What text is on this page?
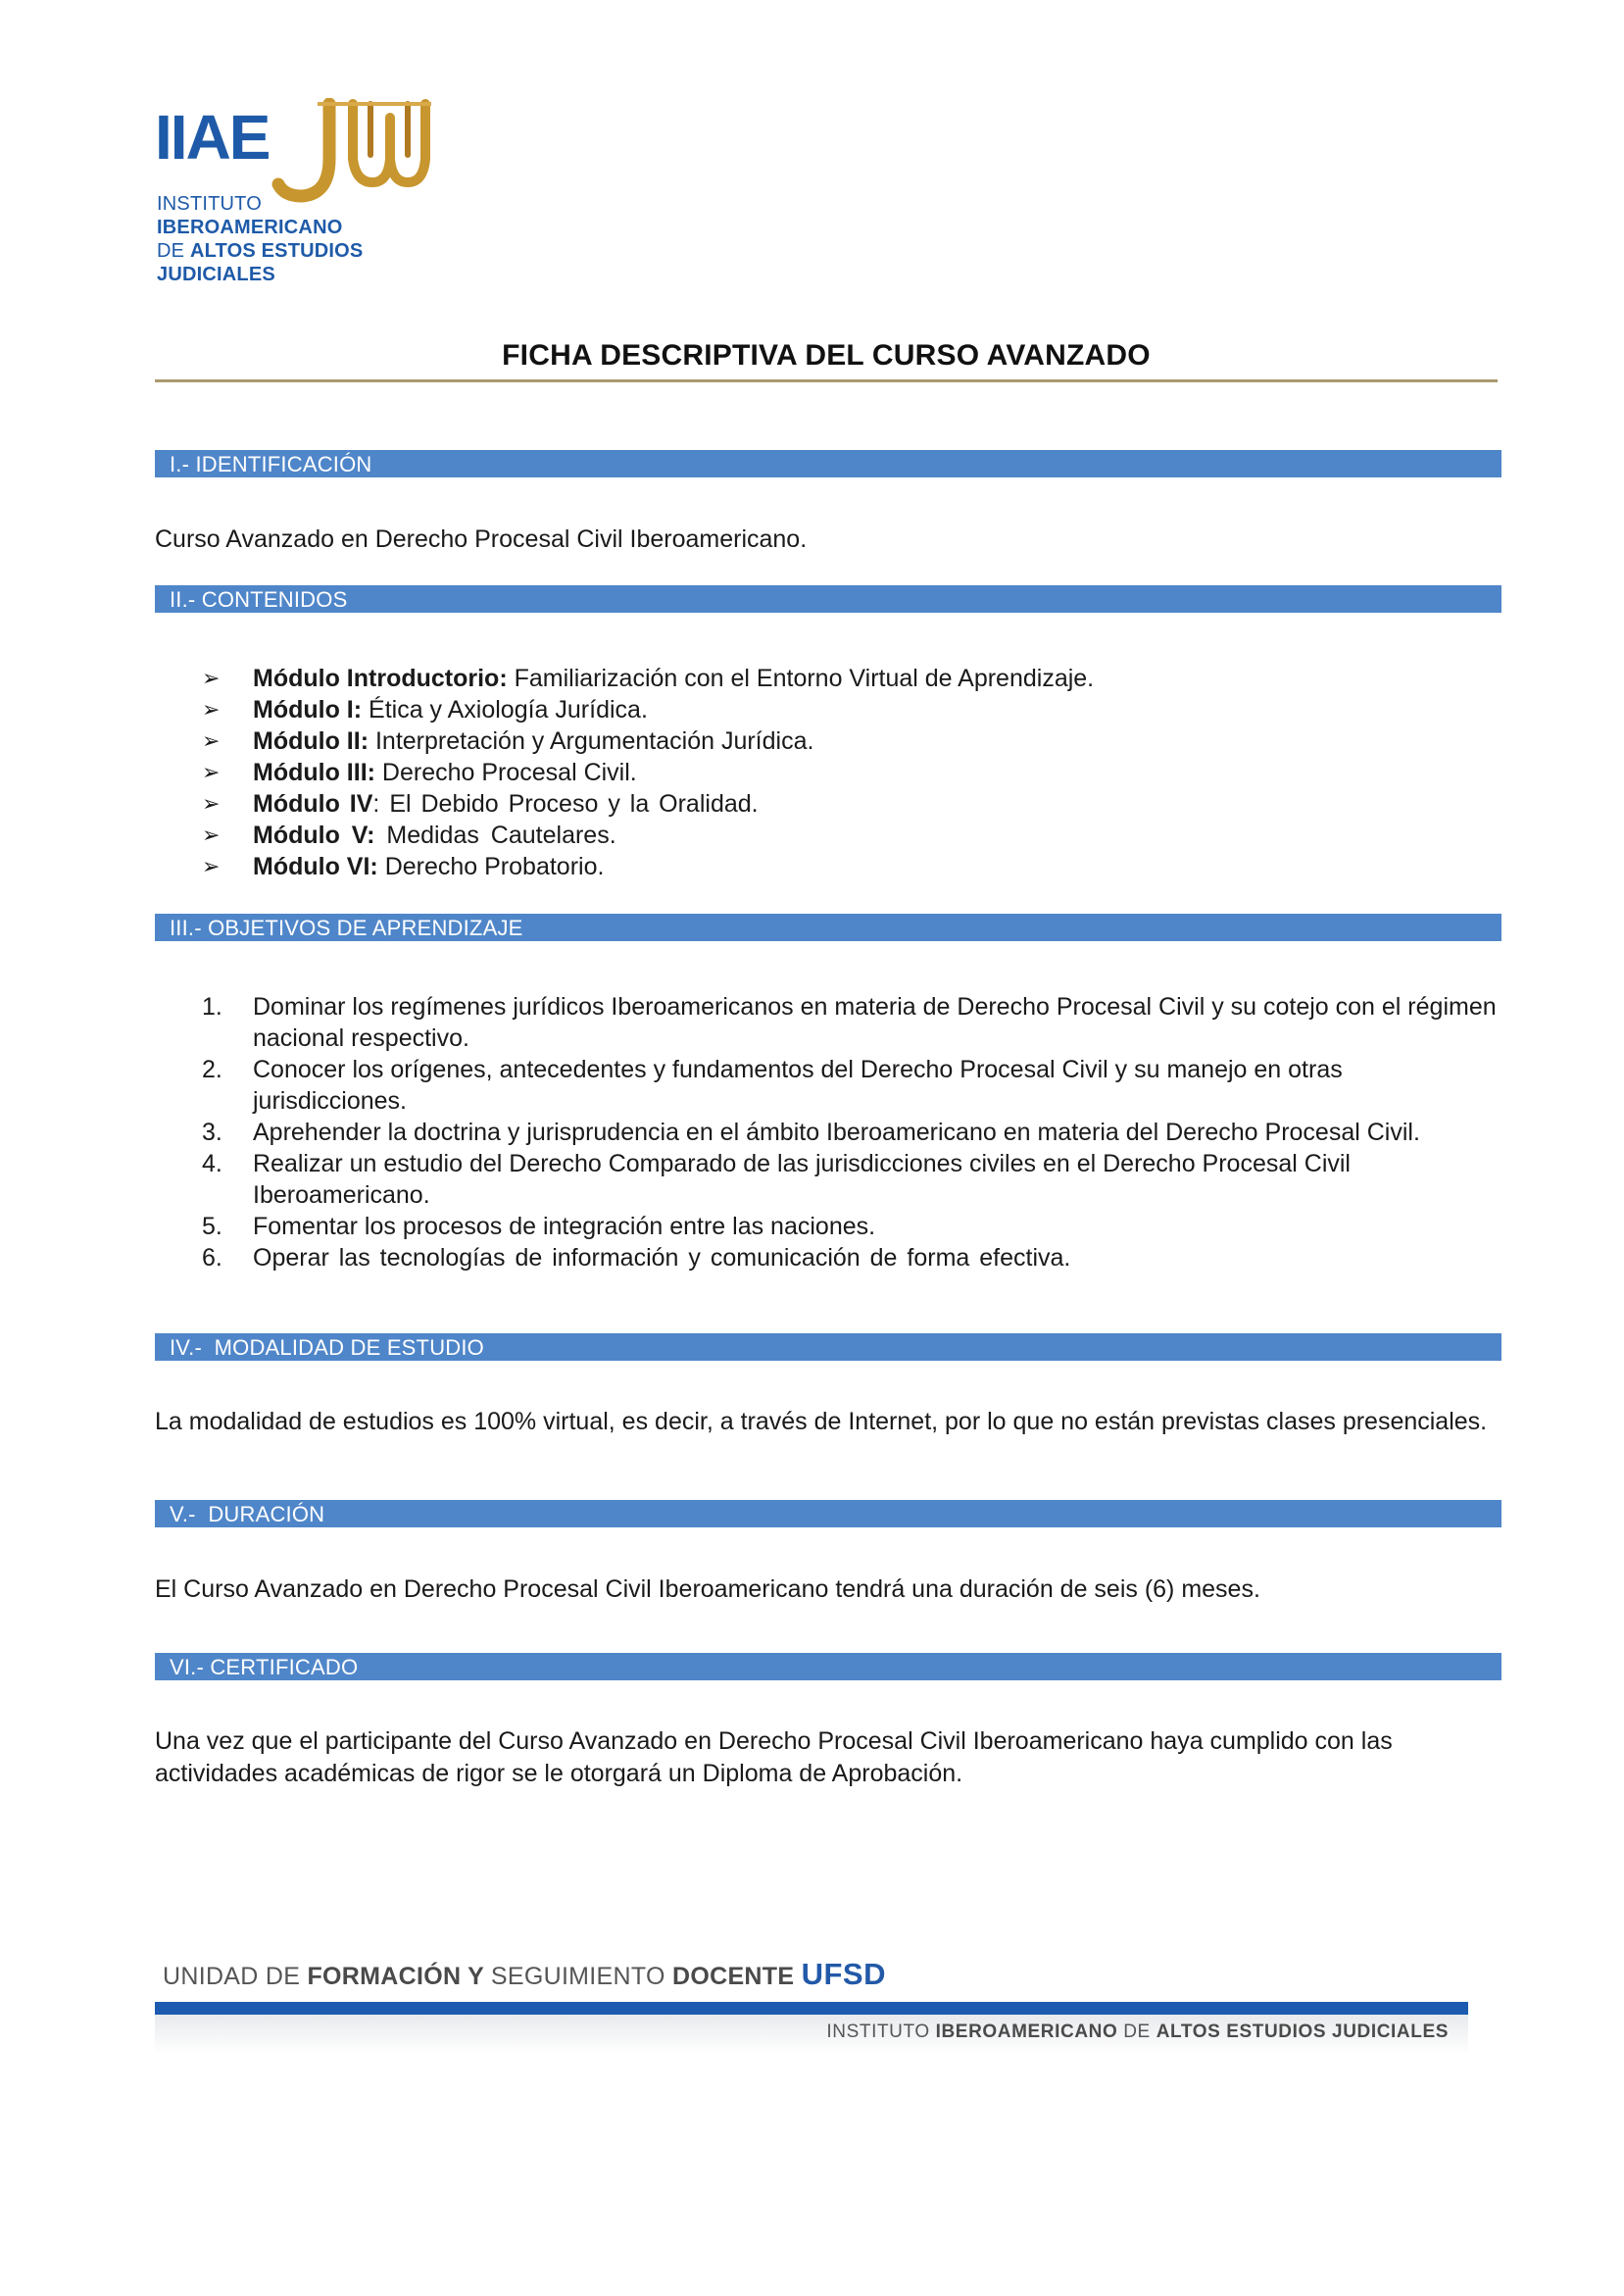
IIAE
INSTITUTO
IBEROAMERICANO
DE ALTOS ESTUDIOS
JUDICIALES
FICHA DESCRIPTIVA DEL CURSO AVANZADO
I.- IDENTIFICACIÓN
Curso Avanzado en Derecho Procesal Civil Iberoamericano.
II.- CONTENIDOS
➢ Módulo Introductorio: Familiarización con el Entorno Virtual de Aprendizaje.
➢ Módulo I: Ética y Axiología Jurídica.
➢ Módulo II: Interpretación y Argumentación Jurídica.
➢ Módulo III: Derecho Procesal Civil.
➢ Módulo IV: El Debido Proceso y la Oralidad.
➢ Módulo V: Medidas Cautelares.
➢ Módulo VI: Derecho Probatorio.
III.- OBJETIVOS DE APRENDIZAJE
1. Dominar los regímenes jurídicos Iberoamericanos en materia de Derecho Procesal Civil y su cotejo con el régimen nacional respectivo.
2. Conocer los orígenes, antecedentes y fundamentos del Derecho Procesal Civil y su manejo en otras jurisdicciones.
3. Aprehender la doctrina y jurisprudencia en el ámbito Iberoamericano en materia del Derecho Procesal Civil.
4. Realizar un estudio del Derecho Comparado de las jurisdicciones civiles en el Derecho Procesal Civil Iberoamericano.
5. Fomentar los procesos de integración entre las naciones.
6. Operar las tecnologías de información y comunicación de forma efectiva.
IV.-  MODALIDAD DE ESTUDIO
La modalidad de estudios es 100% virtual, es decir, a través de Internet, por lo que no están previstas clases presenciales.
V.-  DURACIÓN
El Curso Avanzado en Derecho Procesal Civil Iberoamericano tendrá una duración de seis (6) meses.
VI.- CERTIFICADO
Una vez que el participante del Curso Avanzado en Derecho Procesal Civil Iberoamericano haya cumplido con las actividades académicas de rigor se le otorgará un Diploma de Aprobación.
UNIDAD DE FORMACIÓN Y SEGUIMIENTO DOCENTE UFSD
INSTITUTO IBEROAMERICANO DE ALTOS ESTUDIOS JUDICIALES
